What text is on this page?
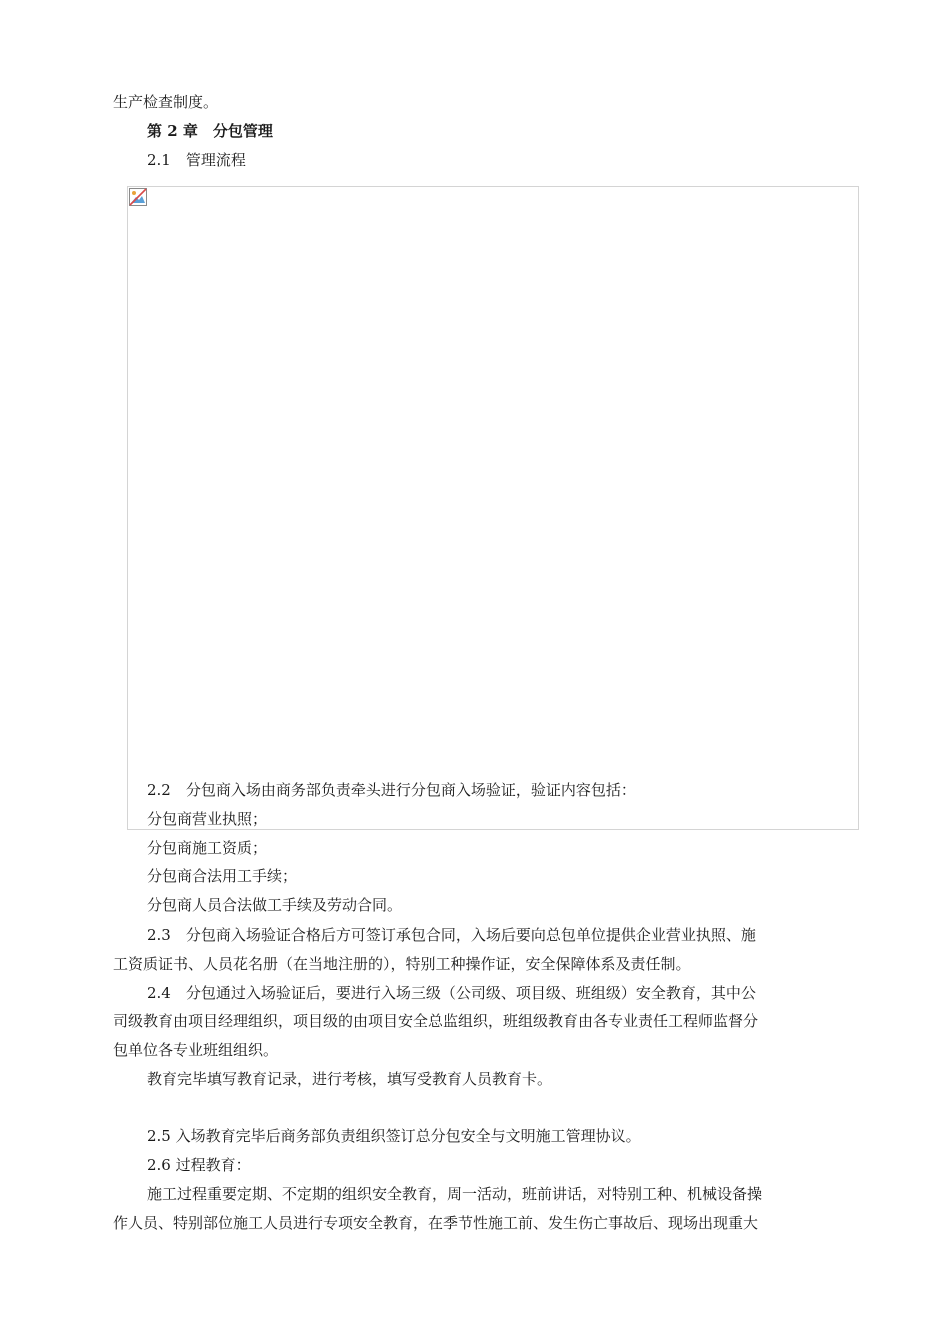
生产检查制度。
第 2 章　分包管理
2.1　管理流程
2.2　分包商入场由商务部负责牵头进行分包商入场验证，验证内容包括：
分包商营业执照；
分包商施工资质；
分包商合法用工手续；
分包商人员合法做工手续及劳动合同。
2.3　分包商入场验证合格后方可签订承包合同，入场后要向总包单位提供企业营业执照、施
工资质证书、人员花名册（在当地注册的），特别工种操作证，安全保障体系及责任制。
2.4　分包通过入场验证后，要进行入场三级（公司级、项目级、班组级）安全教育，其中公
司级教育由项目经理组织，项目级的由项目安全总监组织，班组级教育由各专业责任工程师监督分
包单位各专业班组组织。
教育完毕填写教育记录，进行考核，填写受教育人员教育卡。
2.5 入场教育完毕后商务部负责组织签订总分包安全与文明施工管理协议。
2.6 过程教育：
施工过程重要定期、不定期的组织安全教育，周一活动，班前讲话，对特别工种、机械设备操
作人员、特别部位施工人员进行专项安全教育，在季节性施工前、发生伤亡事故后、现场出现重大
